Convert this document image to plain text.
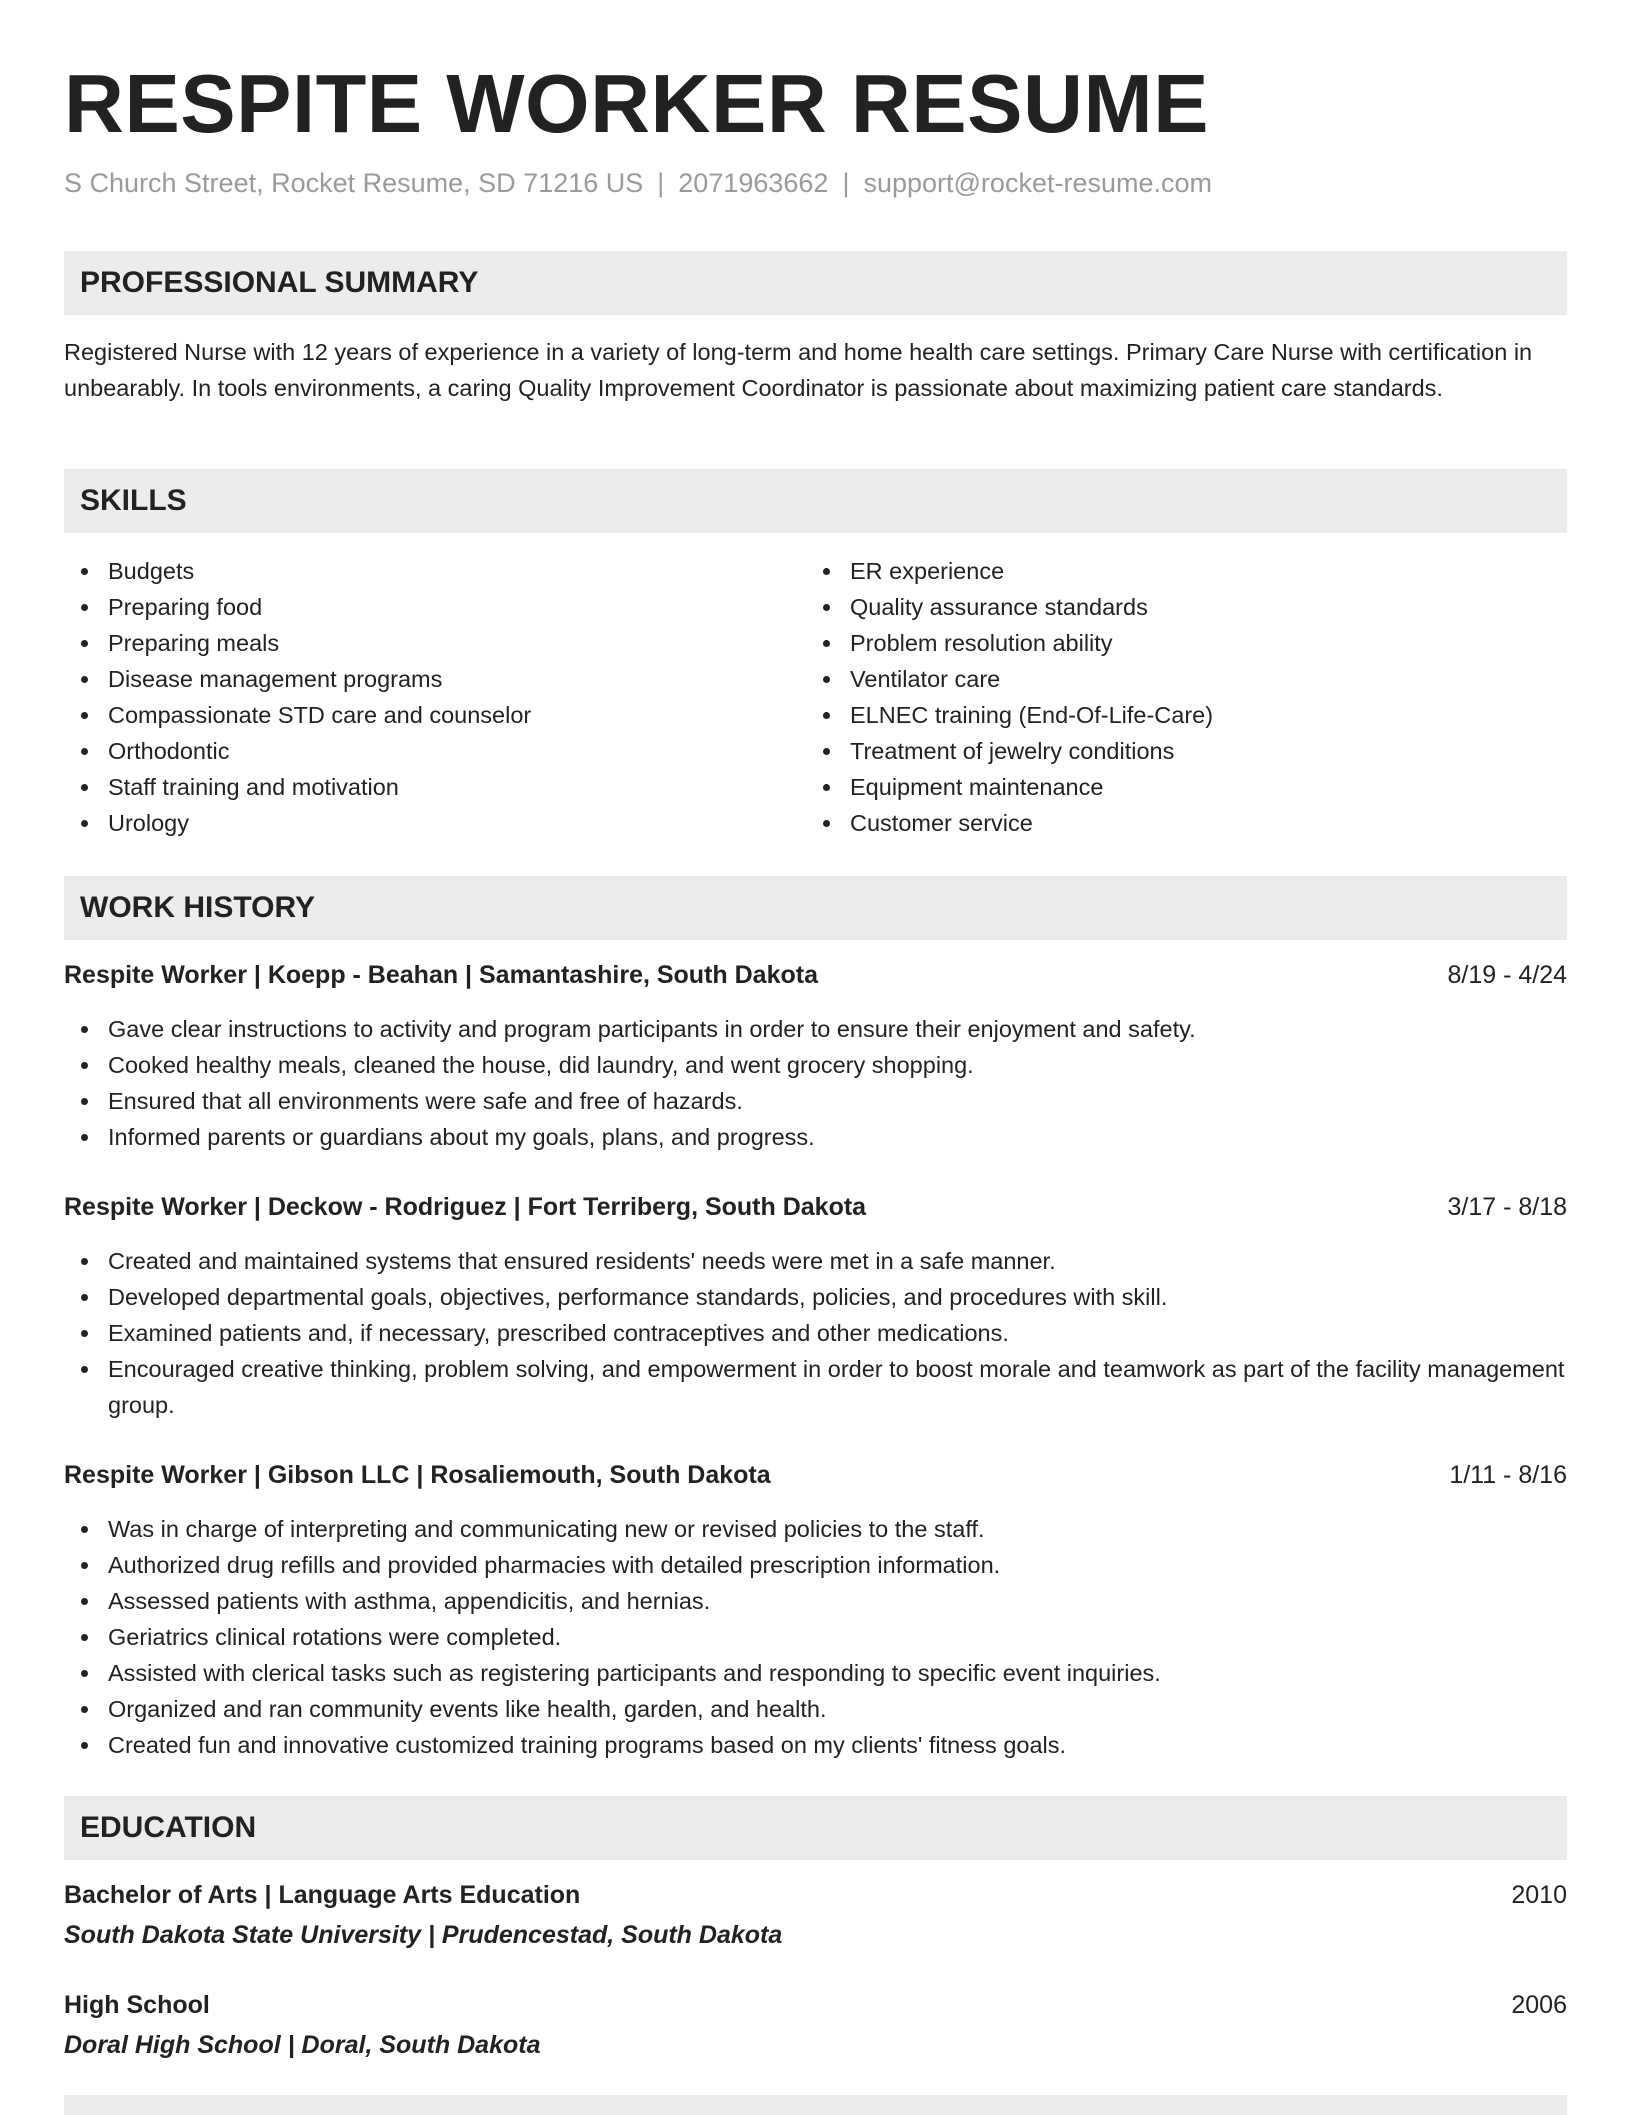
RESPITE WORKER RESUME
S Church Street, Rocket Resume, SD 71216 US | 2071963662 | support@rocket-resume.com
PROFESSIONAL SUMMARY
Registered Nurse with 12 years of experience in a variety of long-term and home health care settings. Primary Care Nurse with certification in unbearably. In tools environments, a caring Quality Improvement Coordinator is passionate about maximizing patient care standards.
SKILLS
Budgets
Preparing food
Preparing meals
Disease management programs
Compassionate STD care and counselor
Orthodontic
Staff training and motivation
Urology
ER experience
Quality assurance standards
Problem resolution ability
Ventilator care
ELNEC training (End-Of-Life-Care)
Treatment of jewelry conditions
Equipment maintenance
Customer service
WORK HISTORY
Respite Worker | Koepp - Beahan | Samantashire, South Dakota	8/19 - 4/24
Gave clear instructions to activity and program participants in order to ensure their enjoyment and safety.
Cooked healthy meals, cleaned the house, did laundry, and went grocery shopping.
Ensured that all environments were safe and free of hazards.
Informed parents or guardians about my goals, plans, and progress.
Respite Worker | Deckow - Rodriguez | Fort Terriberg, South Dakota	3/17 - 8/18
Created and maintained systems that ensured residents' needs were met in a safe manner.
Developed departmental goals, objectives, performance standards, policies, and procedures with skill.
Examined patients and, if necessary, prescribed contraceptives and other medications.
Encouraged creative thinking, problem solving, and empowerment in order to boost morale and teamwork as part of the facility management group.
Respite Worker | Gibson LLC | Rosaliemouth, South Dakota	1/11 - 8/16
Was in charge of interpreting and communicating new or revised policies to the staff.
Authorized drug refills and provided pharmacies with detailed prescription information.
Assessed patients with asthma, appendicitis, and hernias.
Geriatrics clinical rotations were completed.
Assisted with clerical tasks such as registering participants and responding to specific event inquiries.
Organized and ran community events like health, garden, and health.
Created fun and innovative customized training programs based on my clients' fitness goals.
EDUCATION
Bachelor of Arts | Language Arts Education	2010
South Dakota State University | Prudencestad, South Dakota
High School	2006
Doral High School | Doral, South Dakota
